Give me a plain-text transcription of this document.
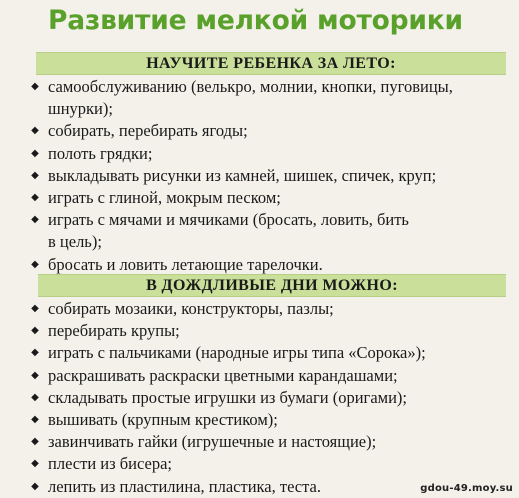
Развитие мелкой моторики
НАУЧИТЕ РЕБЕНКА ЗА ЛЕТО:
◆ самообслуживанию (велькро, молнии, кнопки, пуговицы,
шнурки);
◆ собирать, перебирать ягоды;
◆ полоть грядки;
◆ выкладывать рисунки из камней, шишек, спичек, круп;
◆ играть с глиной, мокрым песком;
◆ играть с мячами и мячиками (бросать, ловить, бить
в цель);
◆ бросать и ловить летающие тарелочки.
В ДОЖДЛИВЫЕ ДНИ МОЖНО:
◆ собирать мозаики, конструкторы, пазлы;
◆ перебирать крупы;
◆ играть с пальчиками (народные игры типа «Сорока»);
◆ раскрашивать раскраски цветными карандашами;
◆ складывать простые игрушки из бумаги (оригами);
◆ вышивать (крупным крестиком);
◆ завинчивать гайки (игрушечные и настоящие);
◆ плести из бисера;
◆ лепить из пластилина, пластика, теста.	gdou-49.moy.su
